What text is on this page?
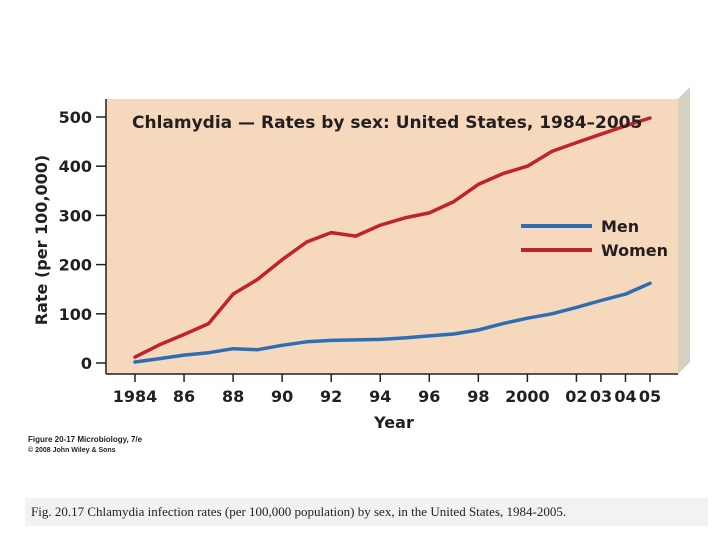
0
100
200
300
400
500
1984 86 88 90 92 94 96 98 2000 02 03 04 05
Chlamydia — Rates by sex: United States, 1984–2005
Rate (per 100,000)
Year
Men
Women
Figure 20-17 Microbiology, 7/e
© 2008 John Wiley & Sons
Fig. 20.17 Chlamydia infection rates (per 100,000 population) by sex, in the United States, 1984-2005.
